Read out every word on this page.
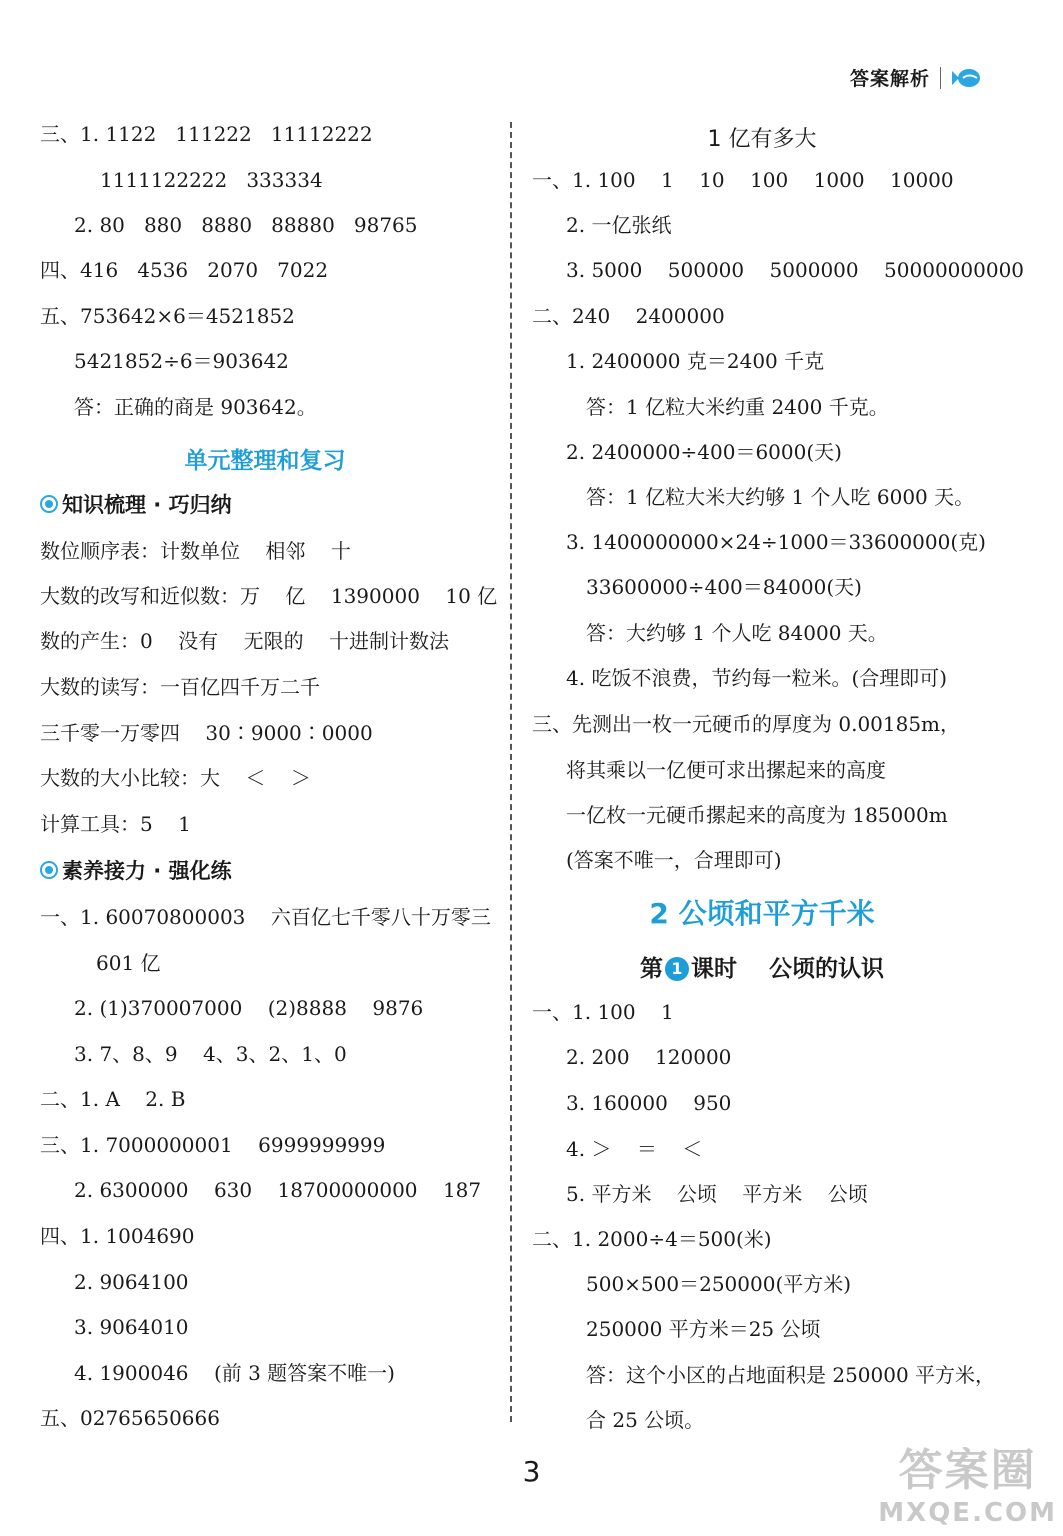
答案解析
三、1. 1122   111222   11112222
1111122222   333334
2. 80   880   8880   88880   98765
四、416   4536   2070   7022
五、753642×6＝4521852
5421852÷6＝903642
答：正确的商是 903642。
单元整理和复习
知识梳理 · 巧归纳
数位顺序表：计数单位    相邻    十
大数的改写和近似数：万    亿    1390000    10 亿
数的产生：0    没有    无限的    十进制计数法
大数的读写：一百亿四千万二千
三千零一万零四    30∶9000∶0000
大数的大小比较：大    ＜    ＞
计算工具：5    1
素养接力 · 强化练
一、1. 60070800003    六百亿七千零八十万零三
601 亿
2. (1)370007000    (2)8888    9876
3. 7、8、9    4、3、2、1、0
二、1. A    2. B
三、1. 7000000001    6999999999
2. 6300000    630    18700000000    187
四、1. 1004690
2. 9064100
3. 9064010
4. 1900046    (前 3 题答案不唯一)
五、02765650666
1 亿有多大
一、1. 100    1    10    100    1000    10000
2. 一亿张纸
3. 5000    500000    5000000    50000000000
二、240    2400000
1. 2400000 克＝2400 千克
答：1 亿粒大米约重 2400 千克。
2. 2400000÷400＝6000(天)
答：1 亿粒大米大约够 1 个人吃 6000 天。
3. 1400000000×24÷1000＝33600000(克)
33600000÷400＝84000(天)
答：大约够 1 个人吃 84000 天。
4. 吃饭不浪费，节约每一粒米。(合理即可)
三、先测出一枚一元硬币的厚度为 0.00185m，
将其乘以一亿便可求出摞起来的高度
一亿枚一元硬币摞起来的高度为 185000m
(答案不唯一，合理即可)
2 公顷和平方千米
第 1 课时    公顷的认识
一、1. 100    1
2. 200    120000
3. 160000    950
4. ＞    ＝    ＜
5. 平方米    公顷    平方米    公顷
二、1. 2000÷4＝500(米)
500×500＝250000(平方米)
250000 平方米＝25 公顷
答：这个小区的占地面积是 250000 平方米，
合 25 公顷。
3	答案圈
MXQE.COM
